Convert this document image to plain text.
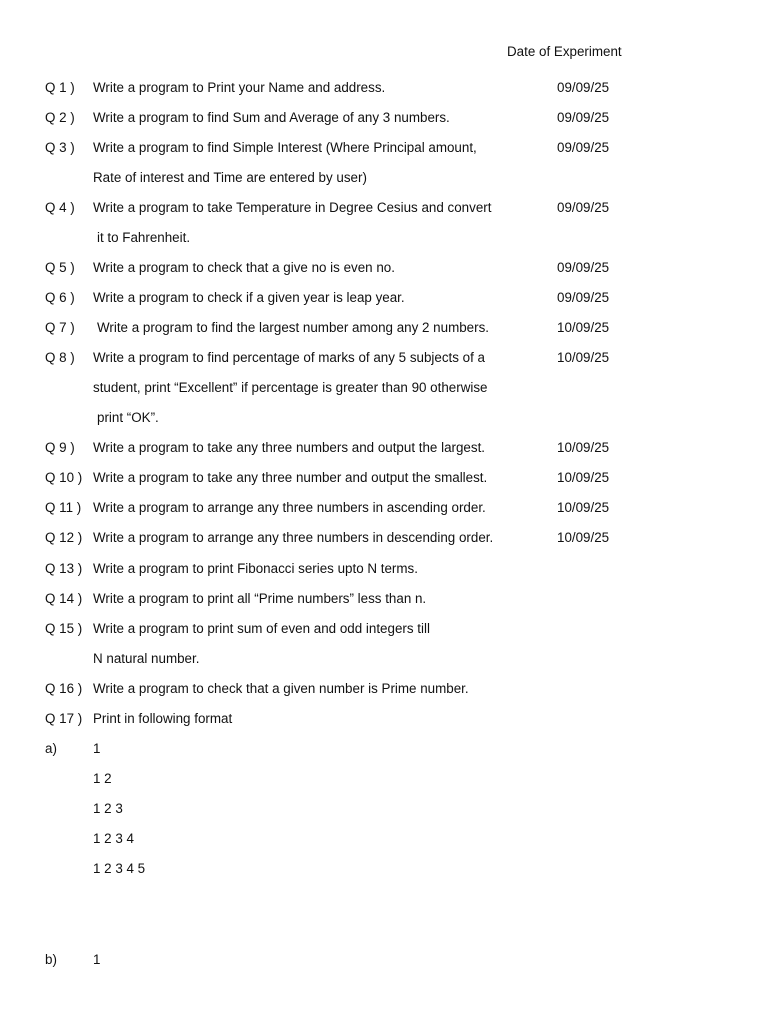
Date of Experiment
Q 1 ) Write a program to Print your Name and address.	09/09/25
Q 2 ) Write a program to find Sum and Average of any 3 numbers.	09/09/25
Q 3 ) Write a program to find Simple Interest (Where Principal amount,	09/09/25
Rate of interest and Time are entered by user)
Q 4 ) Write a program to take Temperature in Degree Cesius and convert	09/09/25
it to Fahrenheit.
Q 5 ) Write a program to check that a give no is even no.	09/09/25
Q 6 ) Write a program to check if a given year is leap year.	09/09/25
Q 7 ) Write a program to find the largest number among any 2 numbers.	10/09/25
Q 8 ) Write a program to find percentage of marks of any 5 subjects of a	10/09/25
student, print “Excellent” if percentage is greater than 90 otherwise
print “OK”.
Q 9 ) Write a program to take any three numbers and output the largest.	10/09/25
Q 10 ) Write a program to take any three number and output the smallest.	10/09/25
Q 11 ) Write a program to arrange any three numbers in ascending order.	10/09/25
Q 12 ) Write a program to arrange any three numbers in descending order.	10/09/25
Q 13 ) Write a program to print Fibonacci series upto N terms.
Q 14 ) Write a program to print all “Prime numbers” less than n.
Q 15 ) Write a program to print sum of even and odd integers till
N natural number.
Q 16 ) Write a program to check that a given number is Prime number.
Q 17 ) Print in following format
a)	1
1 2
1 2 3
1 2 3 4
1 2 3 4 5
b)	1
